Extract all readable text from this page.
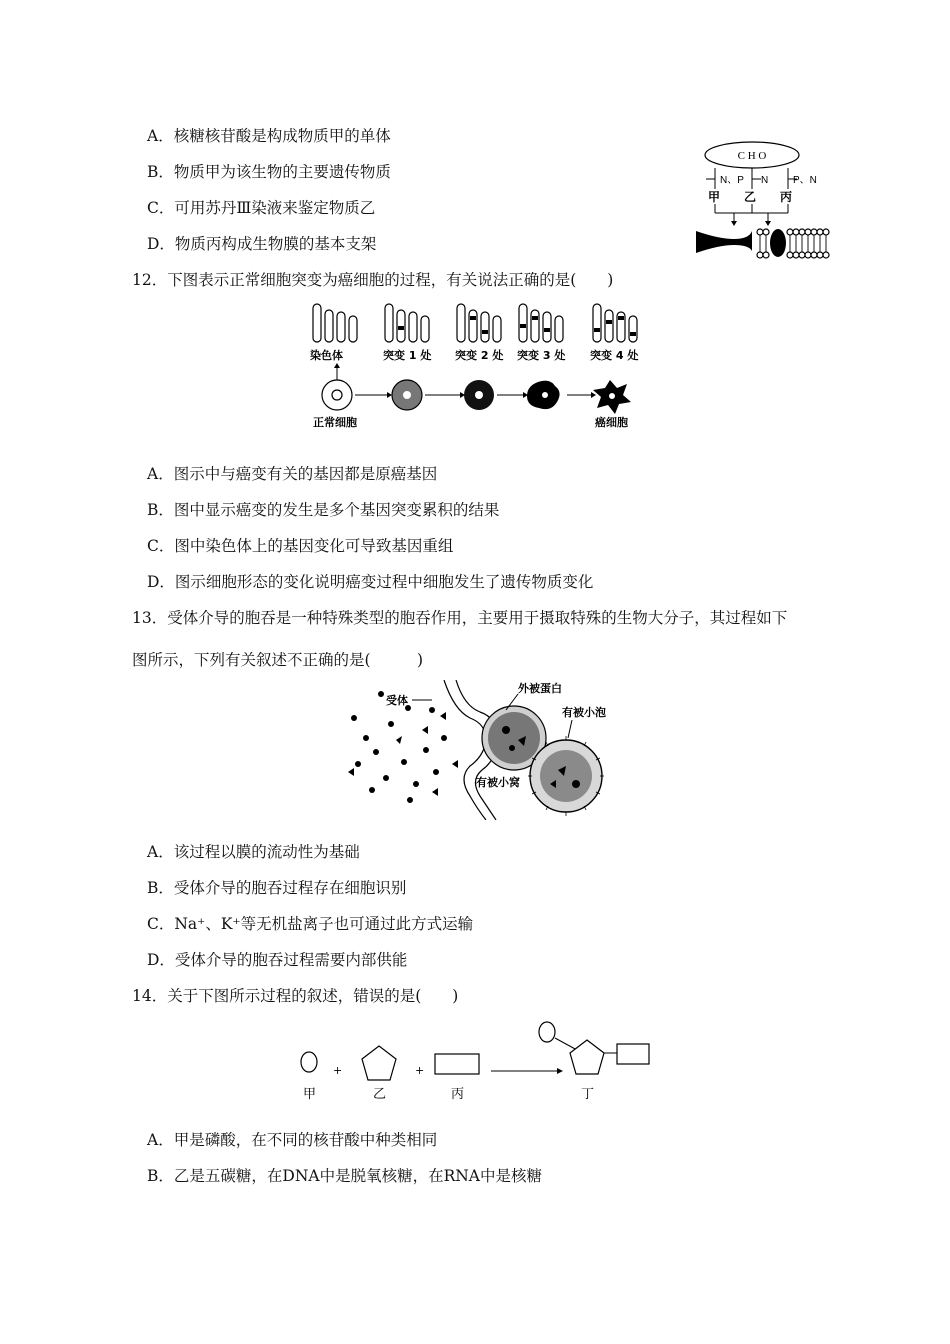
A．核糖核苷酸是构成物质甲的单体
B．物质甲为该生物的主要遗传物质
C．可用苏丹Ⅲ染液来鉴定物质乙
D．物质丙构成生物膜的基本支架
C H O
N、P N P、N
甲 乙 丙
12．下图表示正常细胞突变为癌细胞的过程，有关说法正确的是(　　)
染色体	突变 1 处 突变 2 处 突变 3 处 突变 4 处
正常细胞	癌细胞
A．图示中与癌变有关的基因都是原癌基因
B．图中显示癌变的发生是多个基因突变累积的结果
C．图中染色体上的基因变化可导致基因重组
D．图示细胞形态的变化说明癌变过程中细胞发生了遗传物质变化
13．受体介导的胞吞是一种特殊类型的胞吞作用，主要用于摄取特殊的生物大分子，其过程如下
图所示，下列有关叙述不正确的是(　　　)
受体
外被蛋白
有被小泡
有被小窝
A．该过程以膜的流动性为基础
B．受体介导的胞吞过程存在细胞识别
C．Na⁺、K⁺等无机盐离子也可通过此方式运输
D．受体介导的胞吞过程需要内部供能
14．关于下图所示过程的叙述，错误的是(　　)
+	+
甲	乙	丙	丁
A．甲是磷酸，在不同的核苷酸中种类相同
B．乙是五碳糖，在DNA中是脱氧核糖，在RNA中是核糖
